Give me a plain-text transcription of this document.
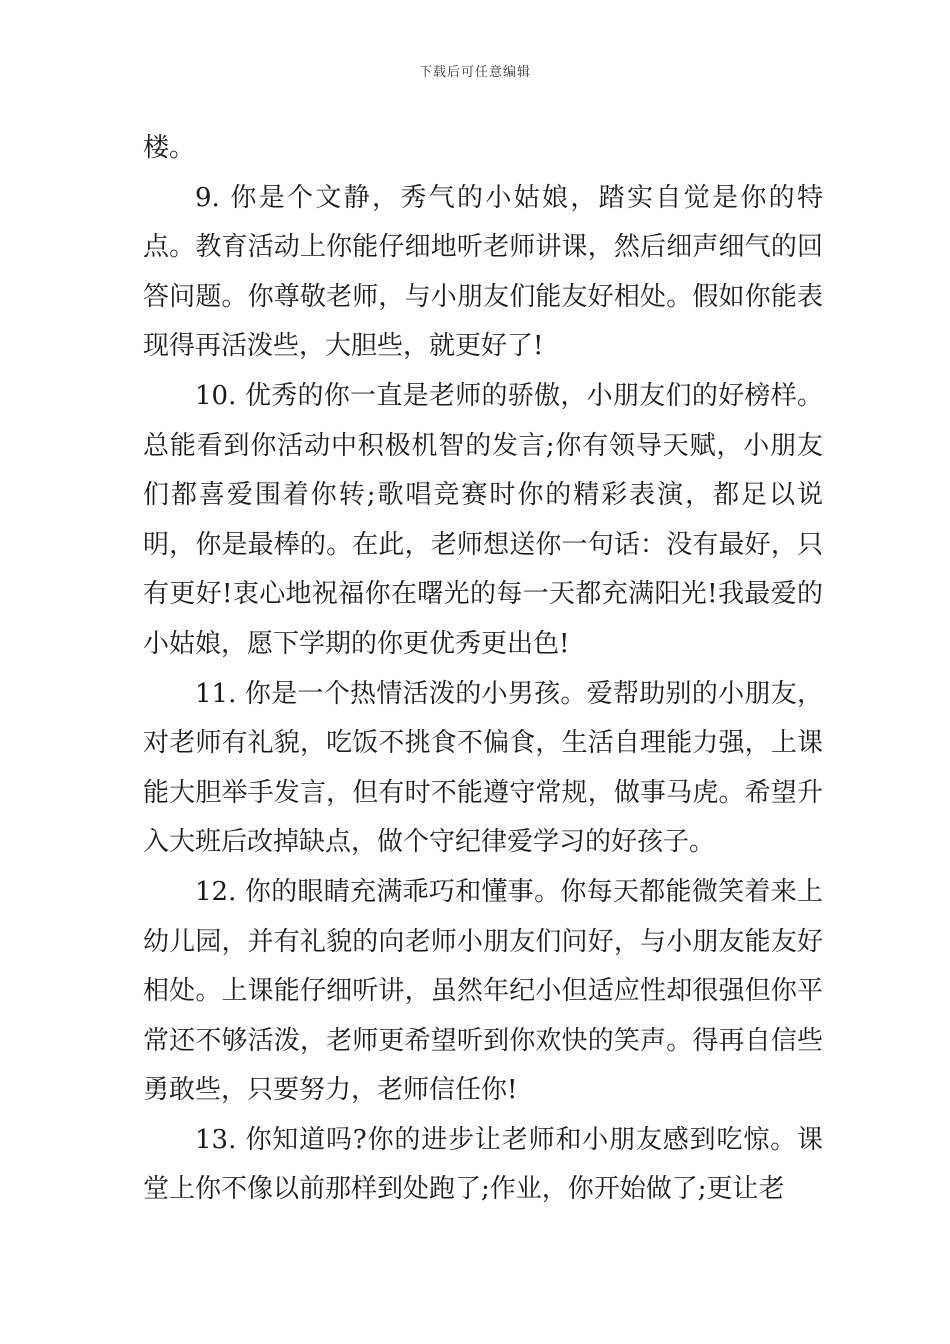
下载后可任意编辑

楼。

9. 你是个文静，秀气的小姑娘，踏实自觉是你的特点。教育活动上你能仔细地听老师讲课，然后细声细气的回答问题。你尊敬老师，与小朋友们能友好相处。假如你能表现得再活泼些，大胆些，就更好了!

10. 优秀的你一直是老师的骄傲，小朋友们的好榜样。总能看到你活动中积极机智的发言;你有领导天赋，小朋友们都喜爱围着你转;歌唱竞赛时你的精彩表演，都足以说明，你是最棒的。在此，老师想送你一句话：没有最好，只有更好!衷心地祝福你在曙光的每一天都充满阳光!我最爱的小姑娘，愿下学期的你更优秀更出色!

11. 你是一个热情活泼的小男孩。爱帮助别的小朋友，对老师有礼貌，吃饭不挑食不偏食，生活自理能力强，上课能大胆举手发言，但有时不能遵守常规，做事马虎。希望升入大班后改掉缺点，做个守纪律爱学习的好孩子。

12. 你的眼睛充满乖巧和懂事。你每天都能微笑着来上幼儿园，并有礼貌的向老师小朋友们问好，与小朋友能友好相处。上课能仔细听讲，虽然年纪小但适应性却很强但你平常还不够活泼，老师更希望听到你欢快的笑声。得再自信些勇敢些，只要努力，老师信任你!

13. 你知道吗?你的进步让老师和小朋友感到吃惊。课堂上你不像以前那样到处跑了;作业，你开始做了;更让老
